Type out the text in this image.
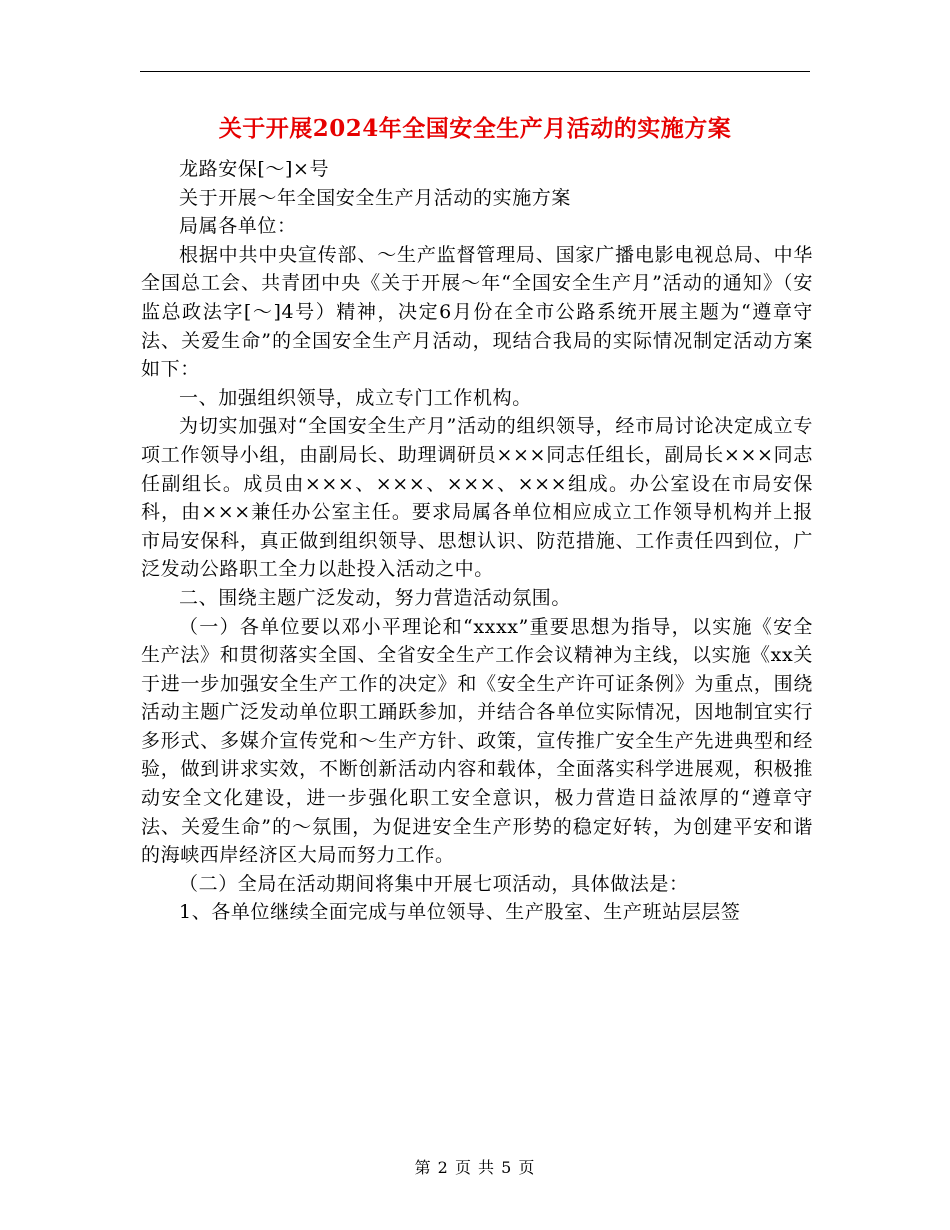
关于开展2024年全国安全生产月活动的实施方案

龙路安保[～]×号

关于开展～年全国安全生产月活动的实施方案

局属各单位：

根据中共中央宣传部、～生产监督管理局、国家广播电影电视总局、中华全国总工会、共青团中央《关于开展～年“全国安全生产月”活动的通知》（安监总政法字[～]4号）精神，决定6月份在全市公路系统开展主题为“遵章守法、关爱生命”的全国安全生产月活动，现结合我局的实际情况制定活动方案如下：

一、加强组织领导，成立专门工作机构。

为切实加强对“全国安全生产月”活动的组织领导，经市局讨论决定成立专项工作领导小组，由副局长、助理调研员×××同志任组长，副局长×××同志任副组长。成员由×××、×××、×××、×××组成。办公室设在市局安保科，由×××兼任办公室主任。要求局属各单位相应成立工作领导机构并上报市局安保科，真正做到组织领导、思想认识、防范措施、工作责任四到位，广泛发动公路职工全力以赴投入活动之中。

二、围绕主题广泛发动，努力营造活动氛围。

（一）各单位要以邓小平理论和“xxxx”重要思想为指导，以实施《安全生产法》和贯彻落实全国、全省安全生产工作会议精神为主线，以实施《xx关于进一步加强安全生产工作的决定》和《安全生产许可证条例》为重点，围绕活动主题广泛发动单位职工踊跃参加，并结合各单位实际情况，因地制宜实行多形式、多媒介宣传党和～生产方针、政策，宣传推广安全生产先进典型和经验，做到讲求实效，不断创新活动内容和载体，全面落实科学进展观，积极推动安全文化建设，进一步强化职工安全意识，极力营造日益浓厚的“遵章守法、关爱生命”的～氛围，为促进安全生产形势的稳定好转，为创建平安和谐的海峡西岸经济区大局而努力工作。

（二）全局在活动期间将集中开展七项活动，具体做法是：

1、各单位继续全面完成与单位领导、生产股室、生产班站层层签

第 2 页 共 5 页
